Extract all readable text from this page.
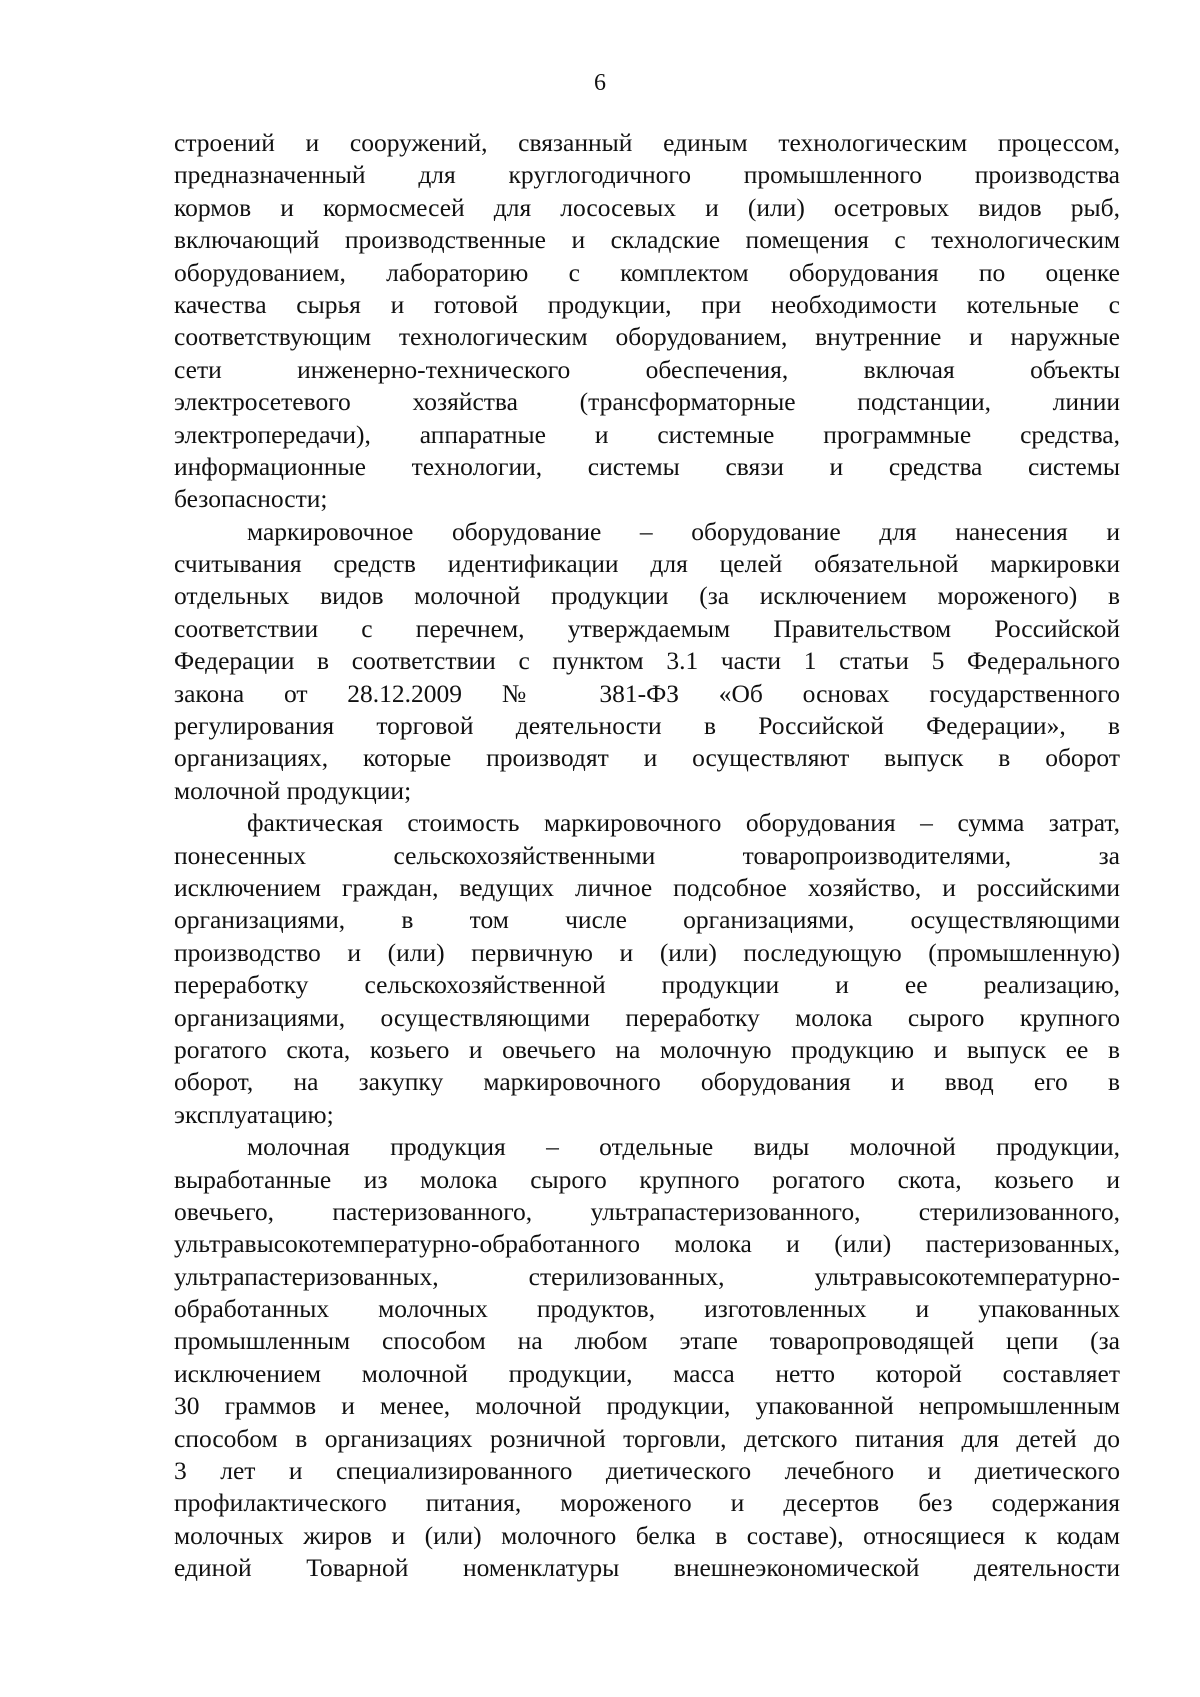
6
строений и сооружений, связанный единым технологическим процессом,
предназначенный для круглогодичного промышленного производства
кормов и кормосмесей для лососевых и (или) осетровых видов рыб,
включающий производственные и складские помещения с технологическим
оборудованием, лабораторию с комплектом оборудования по оценке
качества сырья и готовой продукции, при необходимости котельные с
соответствующим технологическим оборудованием, внутренние и наружные
сети инженерно-технического обеспечения, включая объекты
электросетевого хозяйства (трансформаторные подстанции, линии
электропередачи), аппаратные и системные программные средства,
информационные технологии, системы связи и средства системы
безопасности;
маркировочное оборудование – оборудование для нанесения и
считывания средств идентификации для целей обязательной маркировки
отдельных видов молочной продукции (за исключением мороженого) в
соответствии с перечнем, утверждаемым Правительством Российской
Федерации в соответствии с пунктом 3.1 части 1 статьи 5 Федерального
закона от 28.12.2009 № 381-ФЗ «Об основах государственного
регулирования торговой деятельности в Российской Федерации», в
организациях, которые производят и осуществляют выпуск в оборот
молочной продукции;
фактическая стоимость маркировочного оборудования – сумма затрат,
понесенных сельскохозяйственными товаропроизводителями, за
исключением граждан, ведущих личное подсобное хозяйство, и российскими
организациями, в том числе организациями, осуществляющими
производство и (или) первичную и (или) последующую (промышленную)
переработку сельскохозяйственной продукции и ее реализацию,
организациями, осуществляющими переработку молока сырого крупного
рогатого скота, козьего и овечьего на молочную продукцию и выпуск ее в
оборот, на закупку маркировочного оборудования и ввод его в
эксплуатацию;
молочная продукция – отдельные виды молочной продукции,
выработанные из молока сырого крупного рогатого скота, козьего и
овечьего, пастеризованного, ультрапастеризованного, стерилизованного,
ультравысокотемпературно-обработанного молока и (или) пастеризованных,
ультрапастеризованных, стерилизованных, ультравысокотемпературно-
обработанных молочных продуктов, изготовленных и упакованных
промышленным способом на любом этапе товаропроводящей цепи (за
исключением молочной продукции, масса нетто которой составляет
30 граммов и менее, молочной продукции, упакованной непромышленным
способом в организациях розничной торговли, детского питания для детей до
3 лет и специализированного диетического лечебного и диетического
профилактического питания, мороженого и десертов без содержания
молочных жиров и (или) молочного белка в составе), относящиеся к кодам
единой Товарной номенклатуры внешнеэкономической деятельности
